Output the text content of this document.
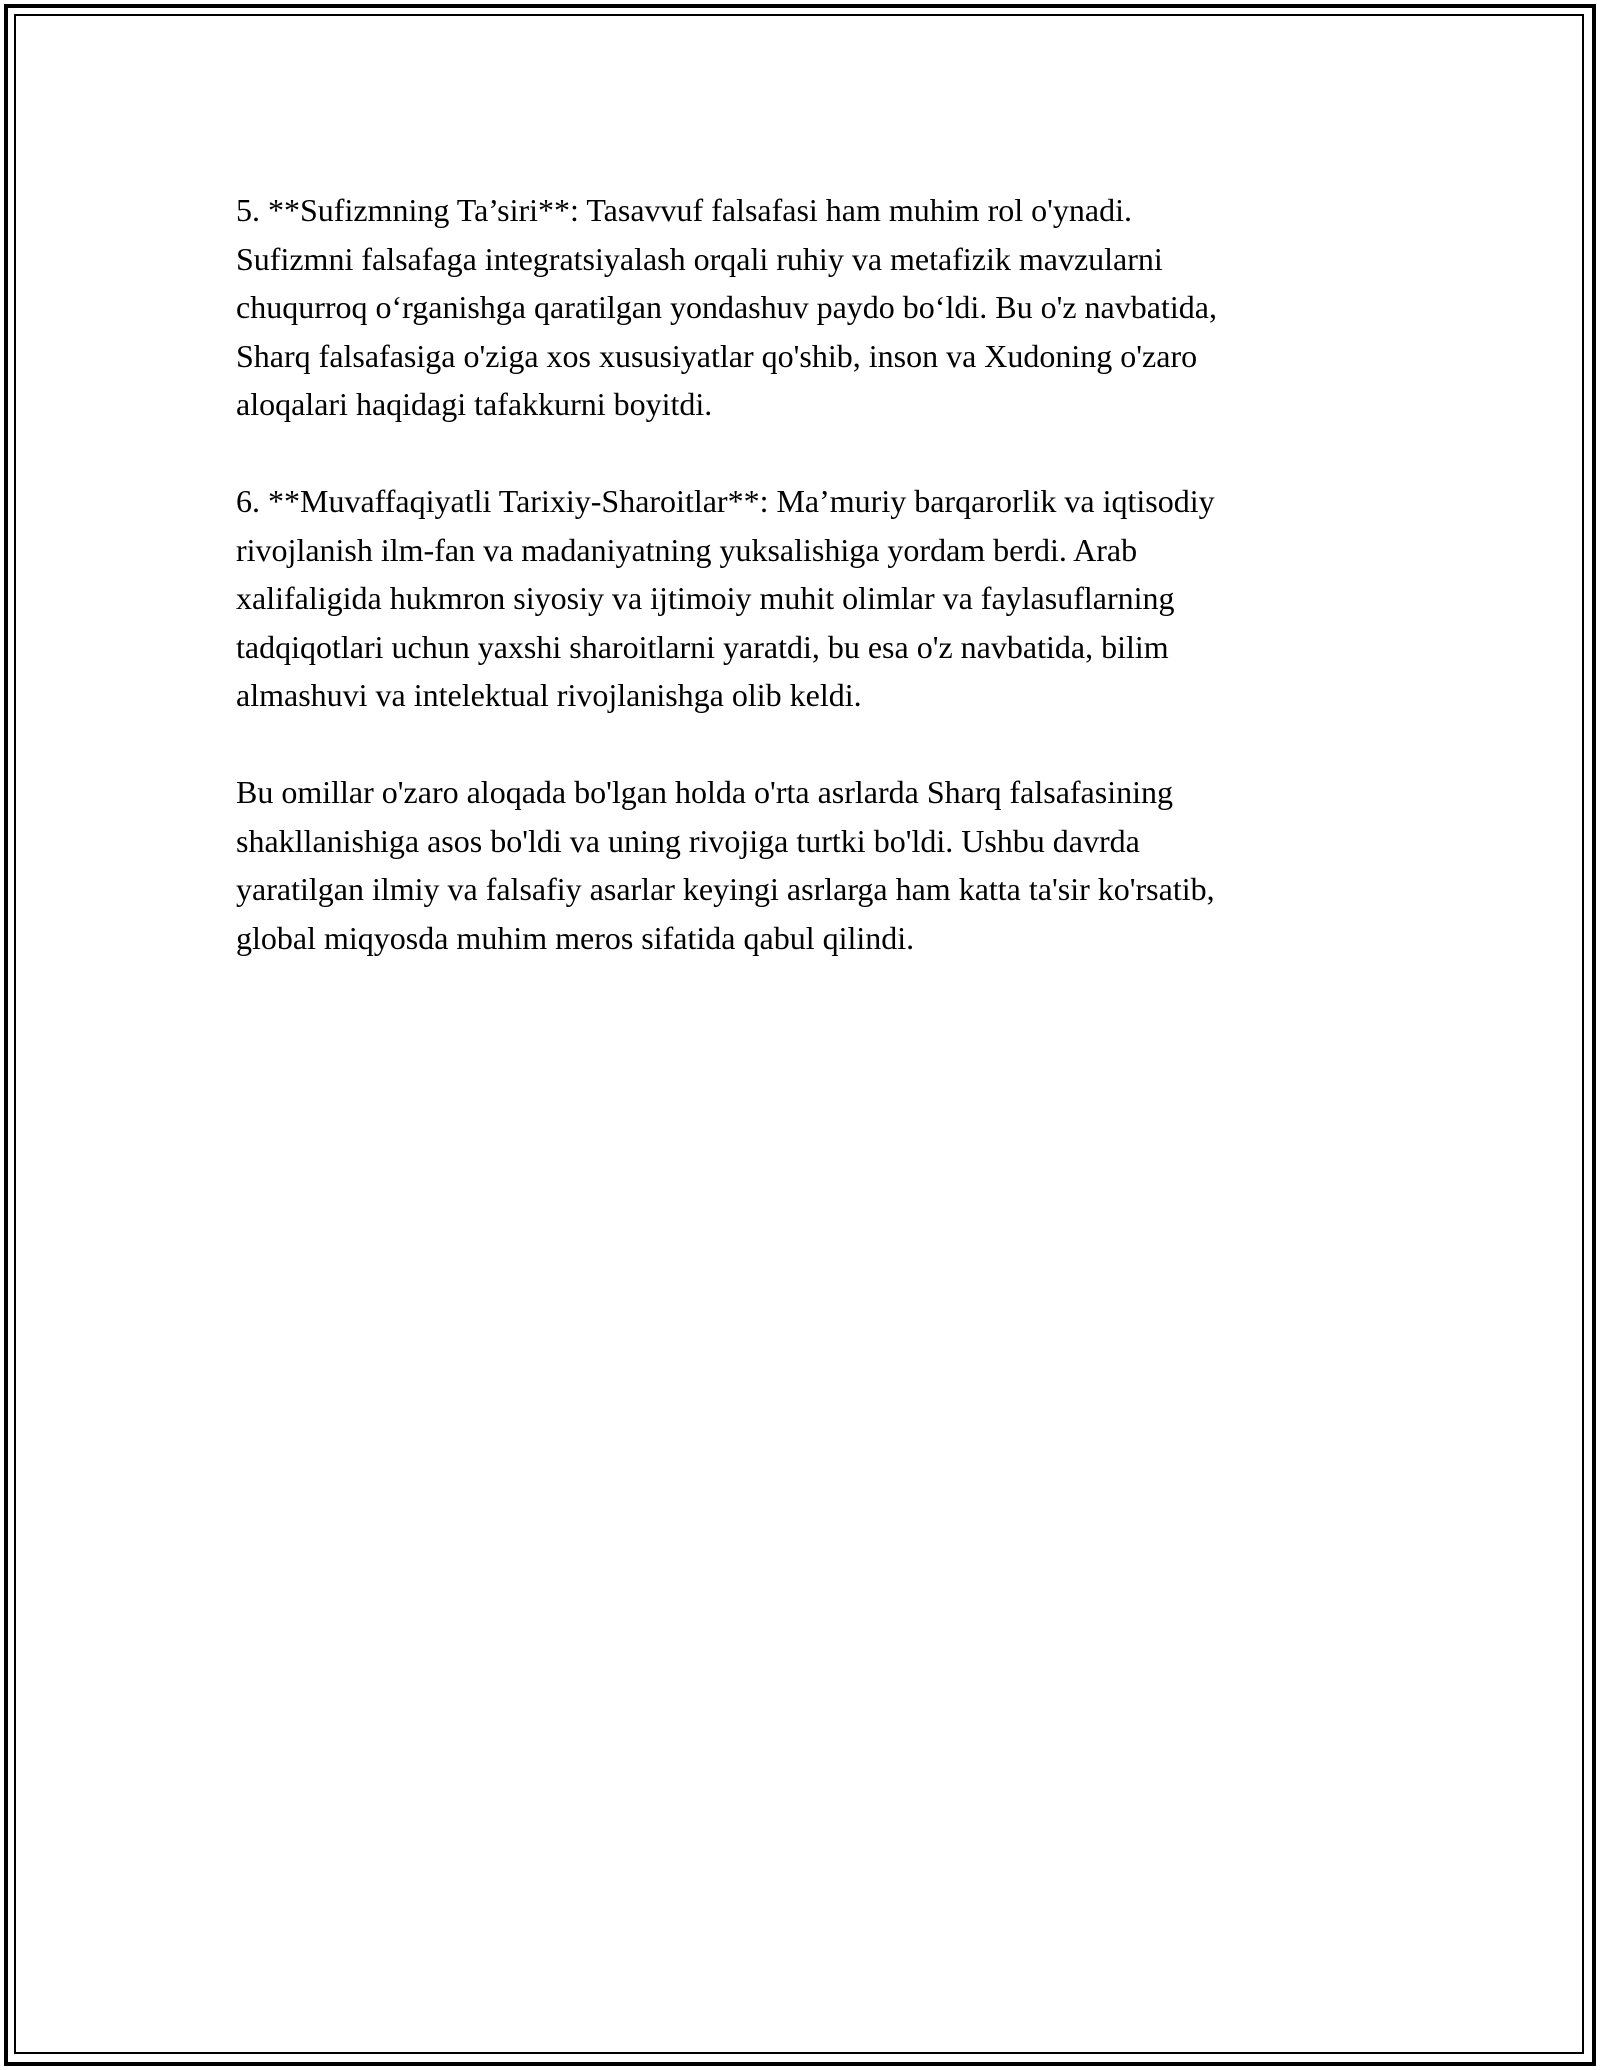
5. **Sufizmning Ta’siri**: Tasavvuf falsafasi ham muhim rol o'ynadi.
Sufizmni falsafaga integratsiyalash orqali ruhiy va metafizik mavzularni
chuqurroq o‘rganishga qaratilgan yondashuv paydo bo‘ldi. Bu o'z navbatida,
Sharq falsafasiga o'ziga xos xususiyatlar qo'shib, inson va Xudoning o'zaro
aloqalari haqidagi tafakkurni boyitdi.

6. **Muvaffaqiyatli Tarixiy-Sharoitlar**: Ma’muriy barqarorlik va iqtisodiy
rivojlanish ilm-fan va madaniyatning yuksalishiga yordam berdi. Arab
xalifaligida hukmron siyosiy va ijtimoiy muhit olimlar va faylasuflarning
tadqiqotlari uchun yaxshi sharoitlarni yaratdi, bu esa o'z navbatida, bilim
almashuvi va intelektual rivojlanishga olib keldi.

Bu omillar o'zaro aloqada bo'lgan holda o'rta asrlarda Sharq falsafasining
shakllanishiga asos bo'ldi va uning rivojiga turtki bo'ldi. Ushbu davrda
yaratilgan ilmiy va falsafiy asarlar keyingi asrlarga ham katta ta'sir ko'rsatib,
global miqyosda muhim meros sifatida qabul qilindi.
